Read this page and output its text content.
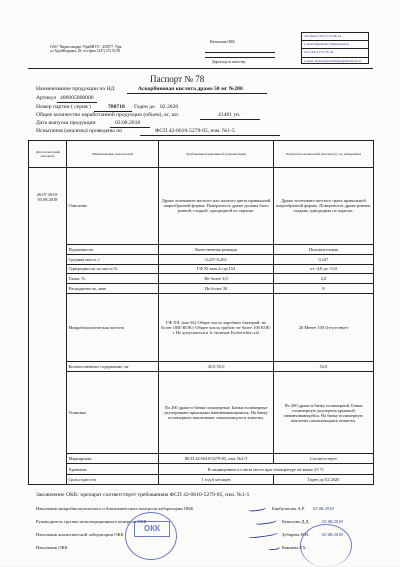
ОАО "Фармстандарт-УфаВИТА", 450077, Уфа, ул.Худайбердина, 28, тел/факс (347) 272 92 85
Начальник ОКК
Директор по качеству
Тел/факс (347) 272-46-14
e-mail:rfgkonsalt+ufpharmod.ru
Тел (347) 272-35-34
e-mail: ekstandartaladimes@pharmod.ru
Паспорт № 78
Наименование продукции по НД	Аскорбиновая кислота драже 50 мг №200
Артикул 406005000000
Номер партии ( серия )	780718 Годен до 02 2020
Общее количество наработанной продукции (объем), кг, шт.	41481 уп.
Дата выпуска продукции	03.08.2018
Испытания (анализы) проведены по	ФСП 42-0610-5279-05, изм. №1-5
Дата испытаний (анализа)	Наименование показателей	Требования нормативной документации	Результаты испытаний (анализа) (с ед. измерения)
26.07.2018-03.08.2018	Описание	Драже зеленовато-желтого или желтого цвета правильной шарообразной формы. Поверхность драже должна быть ровной, гладкой, однородной по окраске.	Драже зеленовато-желтого цвета правильной шарообразной формы. Поверхность драже ровная, гладкая, однородная по окраске.
	Подлинность	Качественная реакция	Положительная
	Средняя масса, г	0,237-0,263	0,247
	Однородность по массе,%	ГФ XI вып.2,стр.154	от -4,0 до +5,0
	Тальк, %	Не более 3,0	2,0
	Распадаемость, мин	Не более 30	8
	Микробиологическая чистота	ГФ XII, (кат.3А) Общее число аэробных бактерий: не более 1000 КОЕ/г Общее число грибов: не более 100 КОЕ/г Не допускается в 1г наличие Escherichia coli	20 Менее 100 Отсутствует
	Количественное содержание, мг	45,0-55,0	52,0
	Упаковка	По 200 драже в банки полимерные. Банки полимерные укупоривают крышками навинчивающимися. На банку полимерную наклеивают самоклеящуюся этикетку.	По 200 драже в банку полимерной. Банки полимерную укупорена крышкой навинчивающейся. На банку полимерную наклеена самоклеящаяся этикетка.
	Маркировка	ФСП 42-0610-5279-05, изм. №1-5	Соответствует
	Хранение	В защищенном от света месте при температуре не выше 25 °С	
	Срок годности	1 год 6 месяцев	Годен до 02 2020
Заключение ОКК: препарат соответствует требованиям ФСП 42-0610-5279-05, изм. №1-5
Начальник микробиологического и биохимического контроля лаборатории ОКК	Бикбулатова А.Р. 03.08.2018
Руководитель группы межоперационного контроля ОКК	Кувалова Д.Д.	03.08.2018
Начальник аналитической лаборатории ОКК	Зубарева Н.В.	03.08.2018
Начальник ОКК	Каниева Р.Х.
ОКК
